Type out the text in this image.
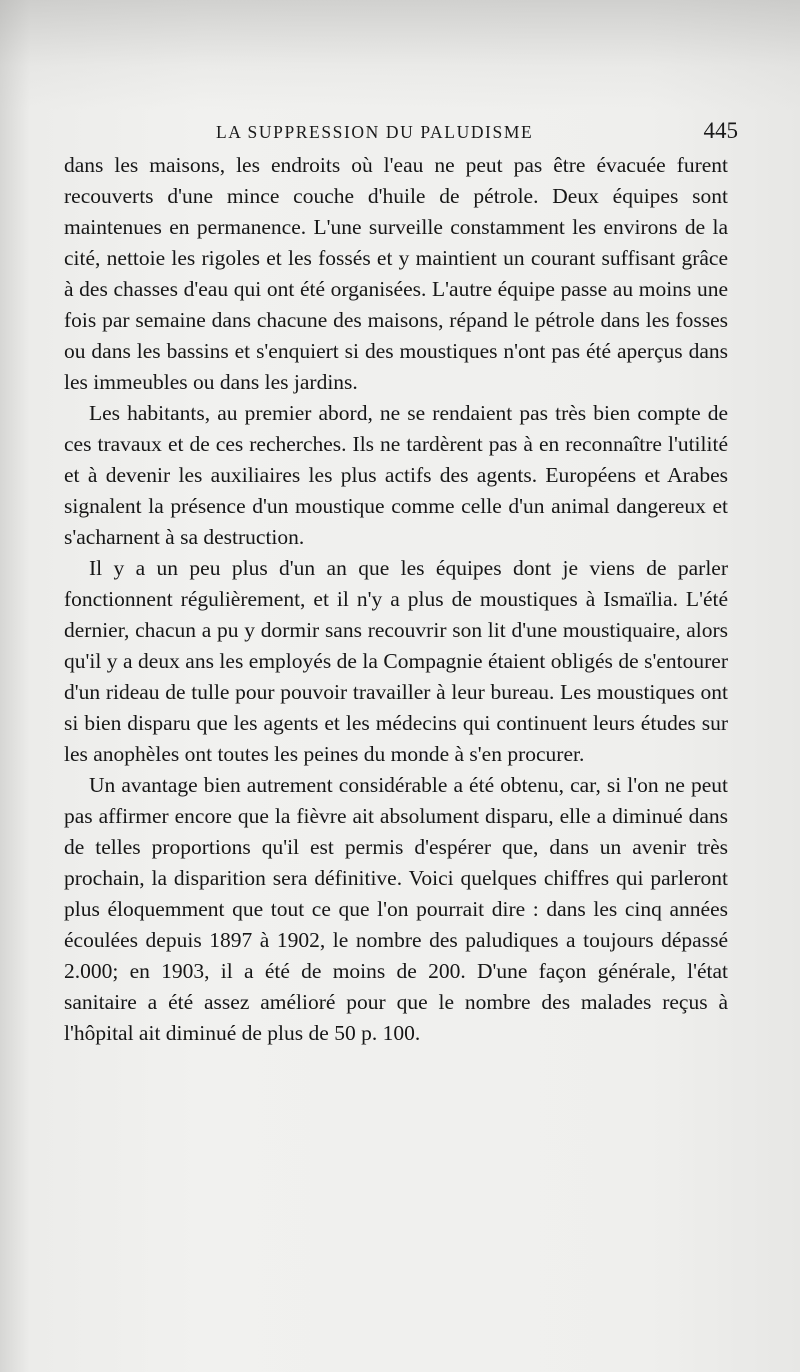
LA SUPPRESSION DU PALUDISME	445

dans les maisons, les endroits où l'eau ne peut pas être évacuée furent recouverts d'une mince couche d'huile de pétrole. Deux équipes sont maintenues en permanence. L'une surveille constamment les environs de la cité, nettoie les rigoles et les fossés et y maintient un courant suffisant grâce à des chasses d'eau qui ont été organisées. L'autre équipe passe au moins une fois par semaine dans chacune des maisons, répand le pétrole dans les fosses ou dans les bassins et s'enquiert si des moustiques n'ont pas été aperçus dans les immeubles ou dans les jardins.

Les habitants, au premier abord, ne se rendaient pas très bien compte de ces travaux et de ces recherches. Ils ne tardèrent pas à en reconnaître l'utilité et à devenir les auxiliaires les plus actifs des agents. Européens et Arabes signalent la présence d'un moustique comme celle d'un animal dangereux et s'acharnent à sa destruction.

Il y a un peu plus d'un an que les équipes dont je viens de parler fonctionnent régulièrement, et il n'y a plus de moustiques à Ismaïlia. L'été dernier, chacun a pu y dormir sans recouvrir son lit d'une moustiquaire, alors qu'il y a deux ans les employés de la Compagnie étaient obligés de s'entourer d'un rideau de tulle pour pouvoir travailler à leur bureau. Les moustiques ont si bien disparu que les agents et les médecins qui continuent leurs études sur les anophèles ont toutes les peines du monde à s'en procurer.

Un avantage bien autrement considérable a été obtenu, car, si l'on ne peut pas affirmer encore que la fièvre ait absolument disparu, elle a diminué dans de telles proportions qu'il est permis d'espérer que, dans un avenir très prochain, la disparition sera définitive. Voici quelques chiffres qui parleront plus éloquemment que tout ce que l'on pourrait dire : dans les cinq années écoulées depuis 1897 à 1902, le nombre des paludiques a toujours dépassé 2.000; en 1903, il a été de moins de 200. D'une façon générale, l'état sanitaire a été assez amélioré pour que le nombre des malades reçus à l'hôpital ait diminué de plus de 50 p. 100.
